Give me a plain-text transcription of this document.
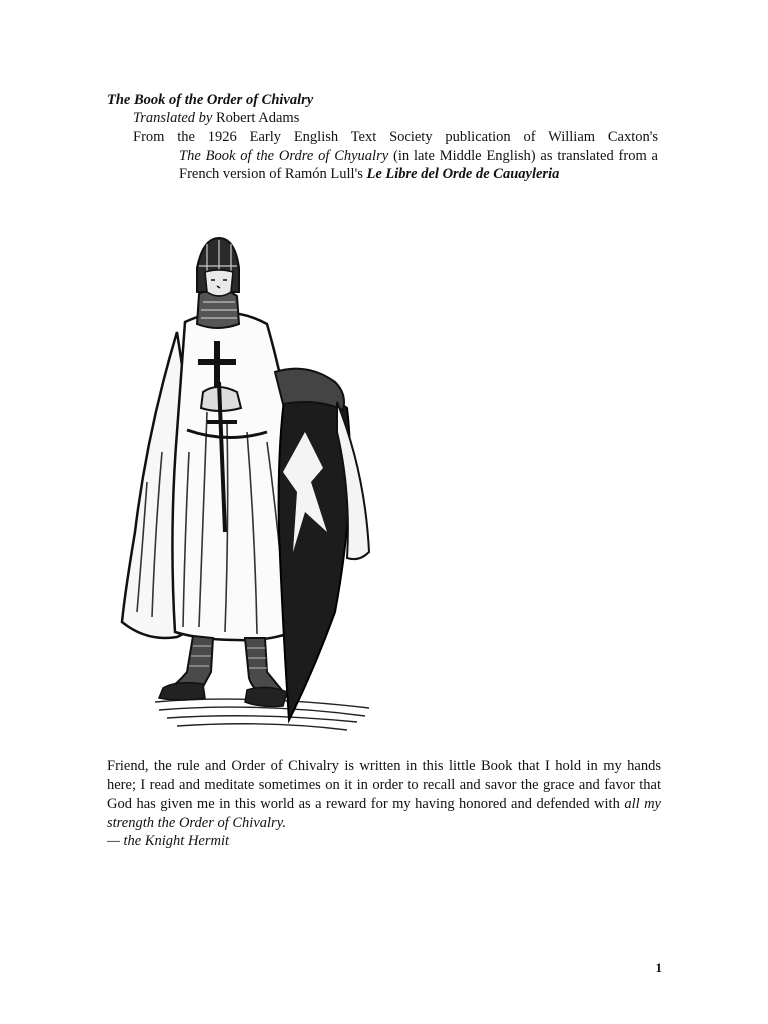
The Book of the Order of Chivalry
Translated by Robert Adams
From the 1926 Early English Text Society publication of William Caxton's
The Book of the Ordre of Chyualry (in late Middle English) as translated from a French version of Ramón Lull's Le Libre del Orde de Cauayleria
Friend, the rule and Order of Chivalry is written in this little Book that I hold in my hands here; I read and meditate sometimes on it in order to recall and savor the grace and favor that God has given me in this world as a reward for my having honored and defended with all my strength the Order of Chivalry.
— the Knight Hermit
1
